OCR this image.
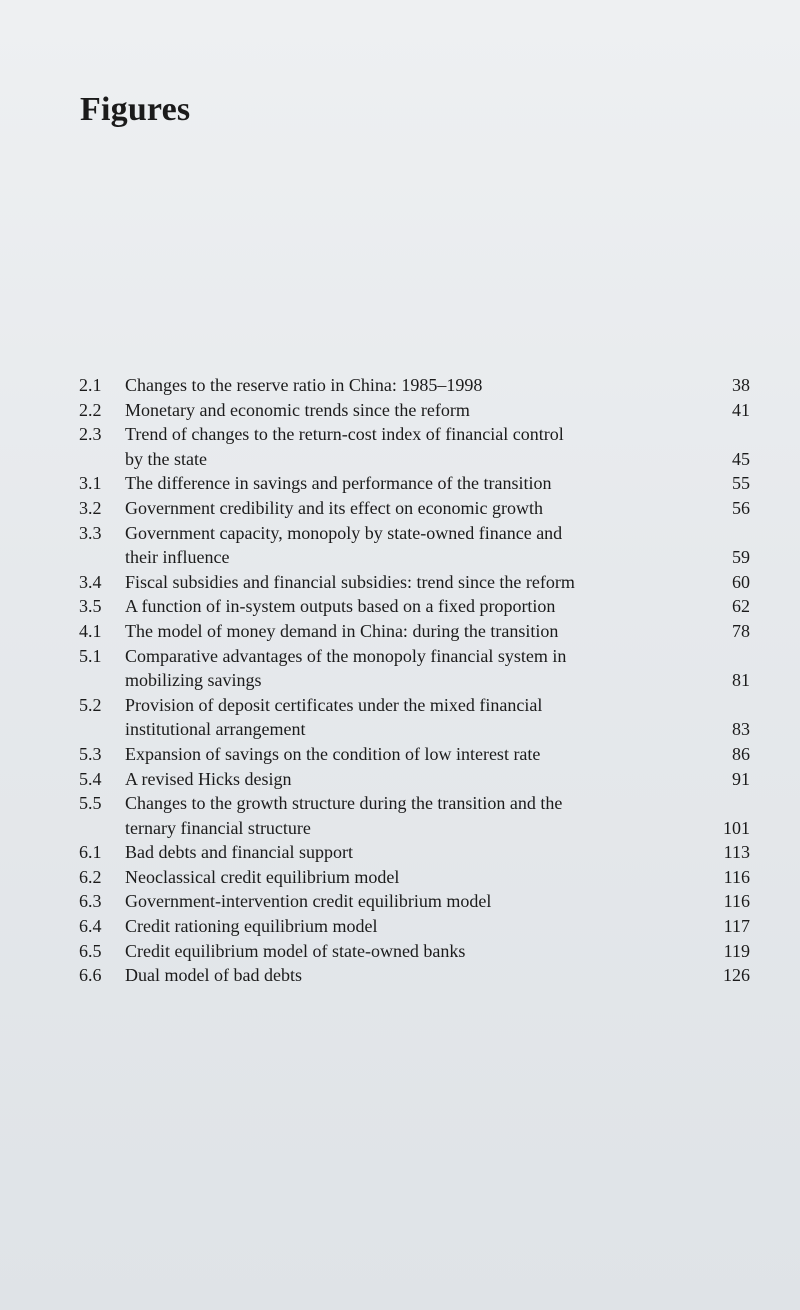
Figures
2.1	Changes to the reserve ratio in China: 1985–1998	38
2.2	Monetary and economic trends since the reform	41
2.3	Trend of changes to the return-cost index of financial control
by the state	45
3.1	The difference in savings and performance of the transition	55
3.2	Government credibility and its effect on economic growth	56
3.3	Government capacity, monopoly by state-owned finance and
their influence	59
3.4	Fiscal subsidies and financial subsidies: trend since the reform	60
3.5	A function of in-system outputs based on a fixed proportion	62
4.1	The model of money demand in China: during the transition	78
5.1	Comparative advantages of the monopoly financial system in
mobilizing savings	81
5.2	Provision of deposit certificates under the mixed financial
institutional arrangement	83
5.3	Expansion of savings on the condition of low interest rate	86
5.4	A revised Hicks design	91
5.5	Changes to the growth structure during the transition and the
ternary financial structure	101
6.1	Bad debts and financial support	113
6.2	Neoclassical credit equilibrium model	116
6.3	Government-intervention credit equilibrium model	116
6.4	Credit rationing equilibrium model	117
6.5	Credit equilibrium model of state-owned banks	119
6.6	Dual model of bad debts	126
